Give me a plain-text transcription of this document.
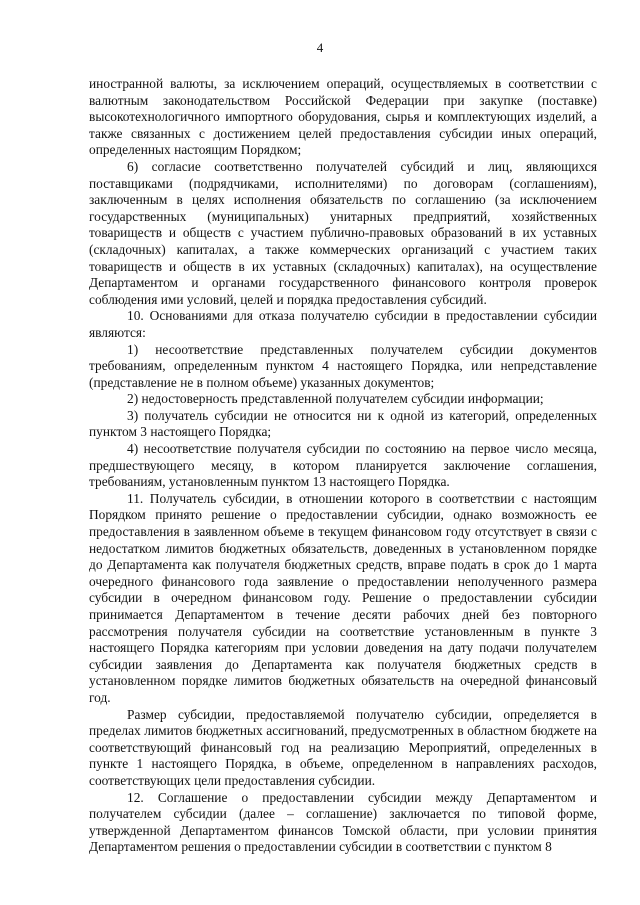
4

иностранной валюты, за исключением операций, осуществляемых в соответствии с валютным законодательством Российской Федерации при закупке (поставке) высокотехнологичного импортного оборудования, сырья и комплектующих изделий, а также связанных с достижением целей предоставления субсидии иных операций, определенных настоящим Порядком;

6) согласие соответственно получателей субсидий и лиц, являющихся поставщиками (подрядчиками, исполнителями) по договорам (соглашениям), заключенным в целях исполнения обязательств по соглашению (за исключением государственных (муниципальных) унитарных предприятий, хозяйственных товариществ и обществ с участием публично-правовых образований в их уставных (складочных) капиталах, а также коммерческих организаций с участием таких товариществ и обществ в их уставных (складочных) капиталах), на осуществление Департаментом и органами государственного финансового контроля проверок соблюдения ими условий, целей и порядка предоставления субсидий.

10. Основаниями для отказа получателю субсидии в предоставлении субсидии являются:

1) несоответствие представленных получателем субсидии документов требованиям, определенным пунктом 4 настоящего Порядка, или непредставление (представление не в полном объеме) указанных документов;

2) недостоверность представленной получателем субсидии информации;

3) получатель субсидии не относится ни к одной из категорий, определенных пунктом 3 настоящего Порядка;

4) несоответствие получателя субсидии по состоянию на первое число месяца, предшествующего месяцу, в котором планируется заключение соглашения, требованиям, установленным пунктом 13 настоящего Порядка.

11. Получатель субсидии, в отношении которого в соответствии с настоящим Порядком принято решение о предоставлении субсидии, однако возможность ее предоставления в заявленном объеме в текущем финансовом году отсутствует в связи с недостатком лимитов бюджетных обязательств, доведенных в установленном порядке до Департамента как получателя бюджетных средств, вправе подать в срок до 1 марта очередного финансового года заявление о предоставлении неполученного размера субсидии в очередном финансовом году. Решение о предоставлении субсидии принимается Департаментом в течение десяти рабочих дней без повторного рассмотрения получателя субсидии на соответствие установленным в пункте 3 настоящего Порядка категориям при условии доведения на дату подачи получателем субсидии заявления до Департамента как получателя бюджетных средств в установленном порядке лимитов бюджетных обязательств на очередной финансовый год.

Размер субсидии, предоставляемой получателю субсидии, определяется в пределах лимитов бюджетных ассигнований, предусмотренных в областном бюджете на соответствующий финансовый год на реализацию Мероприятий, определенных в пункте 1 настоящего Порядка, в объеме, определенном в направлениях расходов, соответствующих цели предоставления субсидии.

12. Соглашение о предоставлении субсидии между Департаментом и получателем субсидии (далее – соглашение) заключается по типовой форме, утвержденной Департаментом финансов Томской области, при условии принятия Департаментом решения о предоставлении субсидии в соответствии с пунктом 8
